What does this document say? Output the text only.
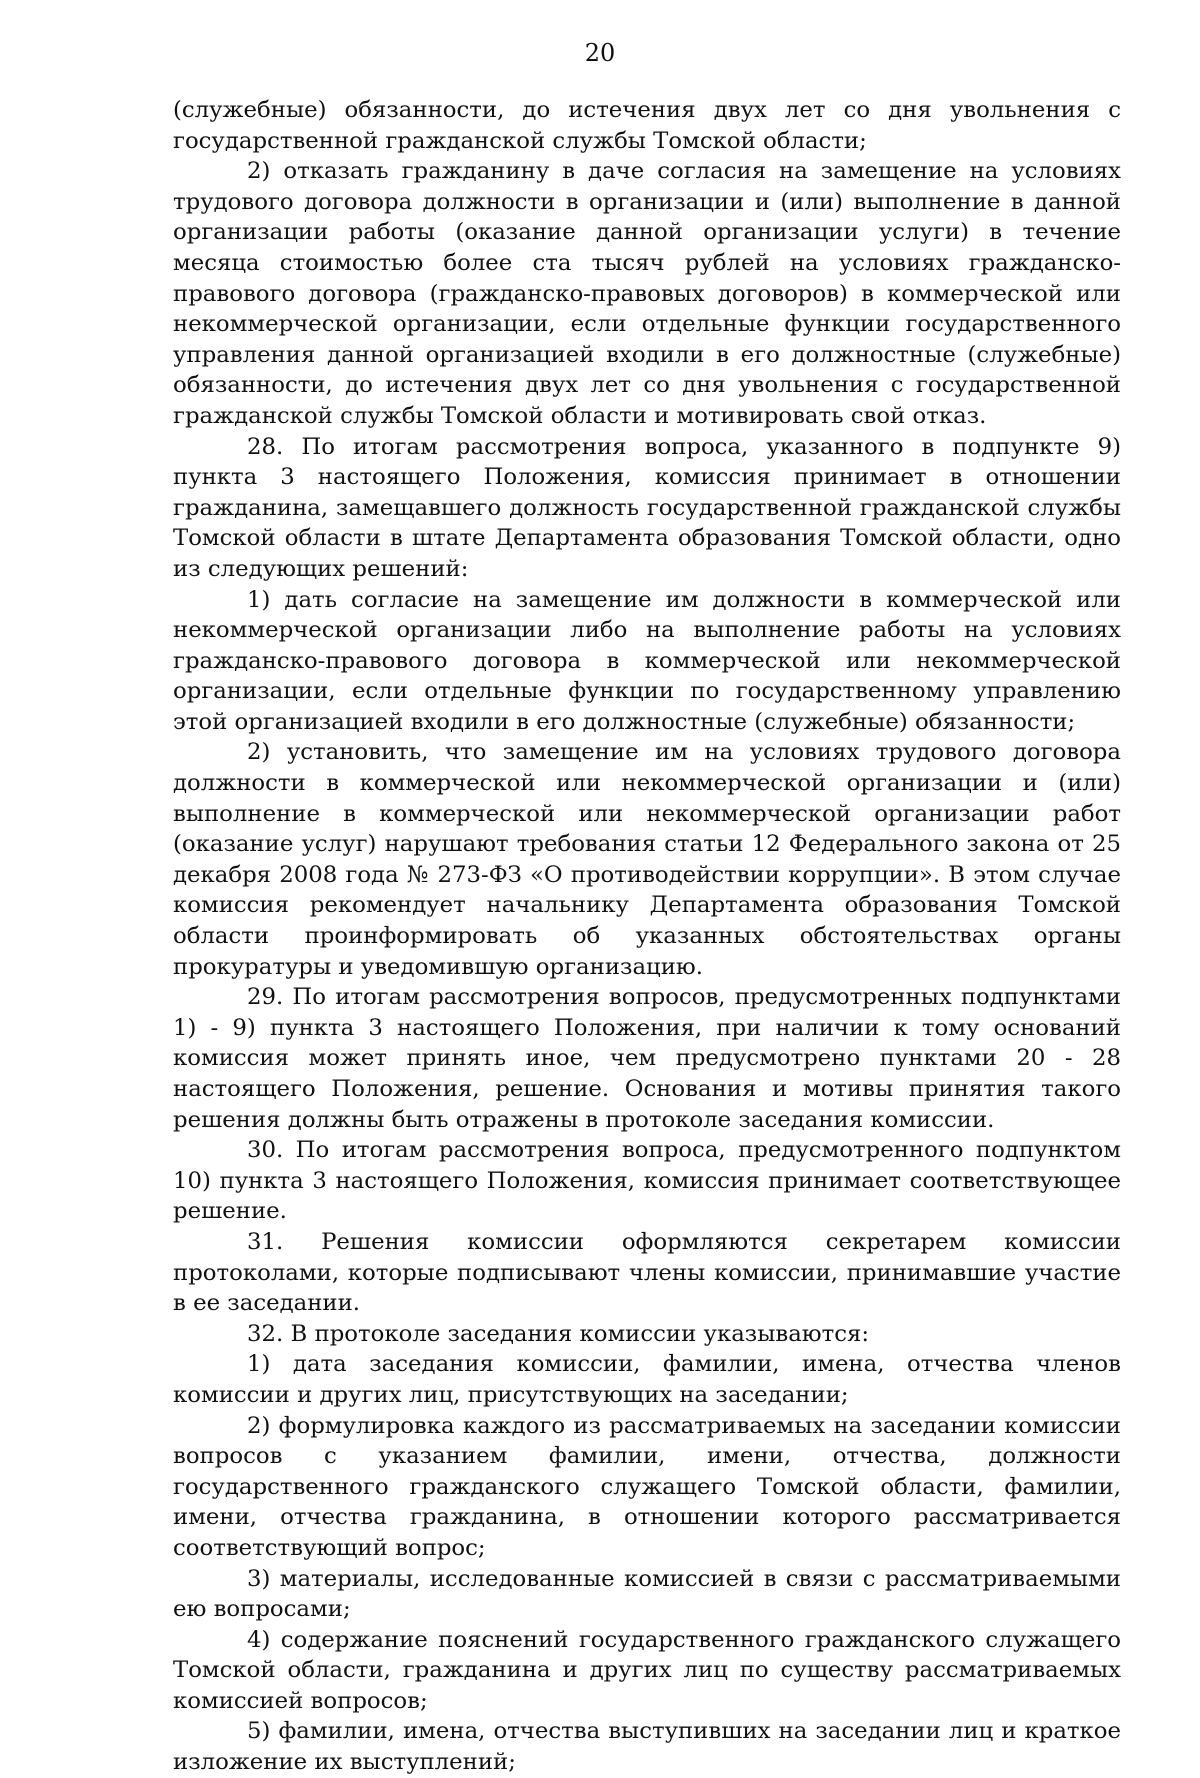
20

(служебные) обязанности, до истечения двух лет со дня увольнения с государственной гражданской службы Томской области;

2) отказать гражданину в даче согласия на замещение на условиях трудового договора должности в организации и (или) выполнение в данной организации работы (оказание данной организации услуги) в течение месяца стоимостью более ста тысяч рублей на условиях гражданско-правового договора (гражданско-правовых договоров) в коммерческой или некоммерческой организации, если отдельные функции государственного управления данной организацией входили в его должностные (служебные) обязанности, до истечения двух лет со дня увольнения с государственной гражданской службы Томской области и мотивировать свой отказ.

28. По итогам рассмотрения вопроса, указанного в подпункте 9) пункта 3 настоящего Положения, комиссия принимает в отношении гражданина, замещавшего должность государственной гражданской службы Томской области в штате Департамента образования Томской области, одно из следующих решений:

1) дать согласие на замещение им должности в коммерческой или некоммерческой организации либо на выполнение работы на условиях гражданско-правового договора в коммерческой или некоммерческой организации, если отдельные функции по государственному управлению этой организацией входили в его должностные (служебные) обязанности;

2) установить, что замещение им на условиях трудового договора должности в коммерческой или некоммерческой организации и (или) выполнение в коммерческой или некоммерческой организации работ (оказание услуг) нарушают требования статьи 12 Федерального закона от 25 декабря 2008 года № 273-ФЗ «О противодействии коррупции». В этом случае комиссия рекомендует начальнику Департамента образования Томской области проинформировать об указанных обстоятельствах органы прокуратуры и уведомившую организацию.

29. По итогам рассмотрения вопросов, предусмотренных подпунктами 1) - 9) пункта 3 настоящего Положения, при наличии к тому оснований комиссия может принять иное, чем предусмотрено пунктами 20 - 28 настоящего Положения, решение. Основания и мотивы принятия такого решения должны быть отражены в протоколе заседания комиссии.

30. По итогам рассмотрения вопроса, предусмотренного подпунктом 10) пункта 3 настоящего Положения, комиссия принимает соответствующее решение.

31. Решения комиссии оформляются секретарем комиссии протоколами, которые подписывают члены комиссии, принимавшие участие в ее заседании.

32. В протоколе заседания комиссии указываются:

1) дата заседания комиссии, фамилии, имена, отчества членов комиссии и других лиц, присутствующих на заседании;

2) формулировка каждого из рассматриваемых на заседании комиссии вопросов с указанием фамилии, имени, отчества, должности государственного гражданского служащего Томской области, фамилии, имени, отчества гражданина, в отношении которого рассматривается соответствующий вопрос;

3) материалы, исследованные комиссией в связи с рассматриваемыми ею вопросами;

4) содержание пояснений государственного гражданского служащего Томской области, гражданина и других лиц по существу рассматриваемых комиссией вопросов;

5) фамилии, имена, отчества выступивших на заседании лиц и краткое изложение их выступлений;
